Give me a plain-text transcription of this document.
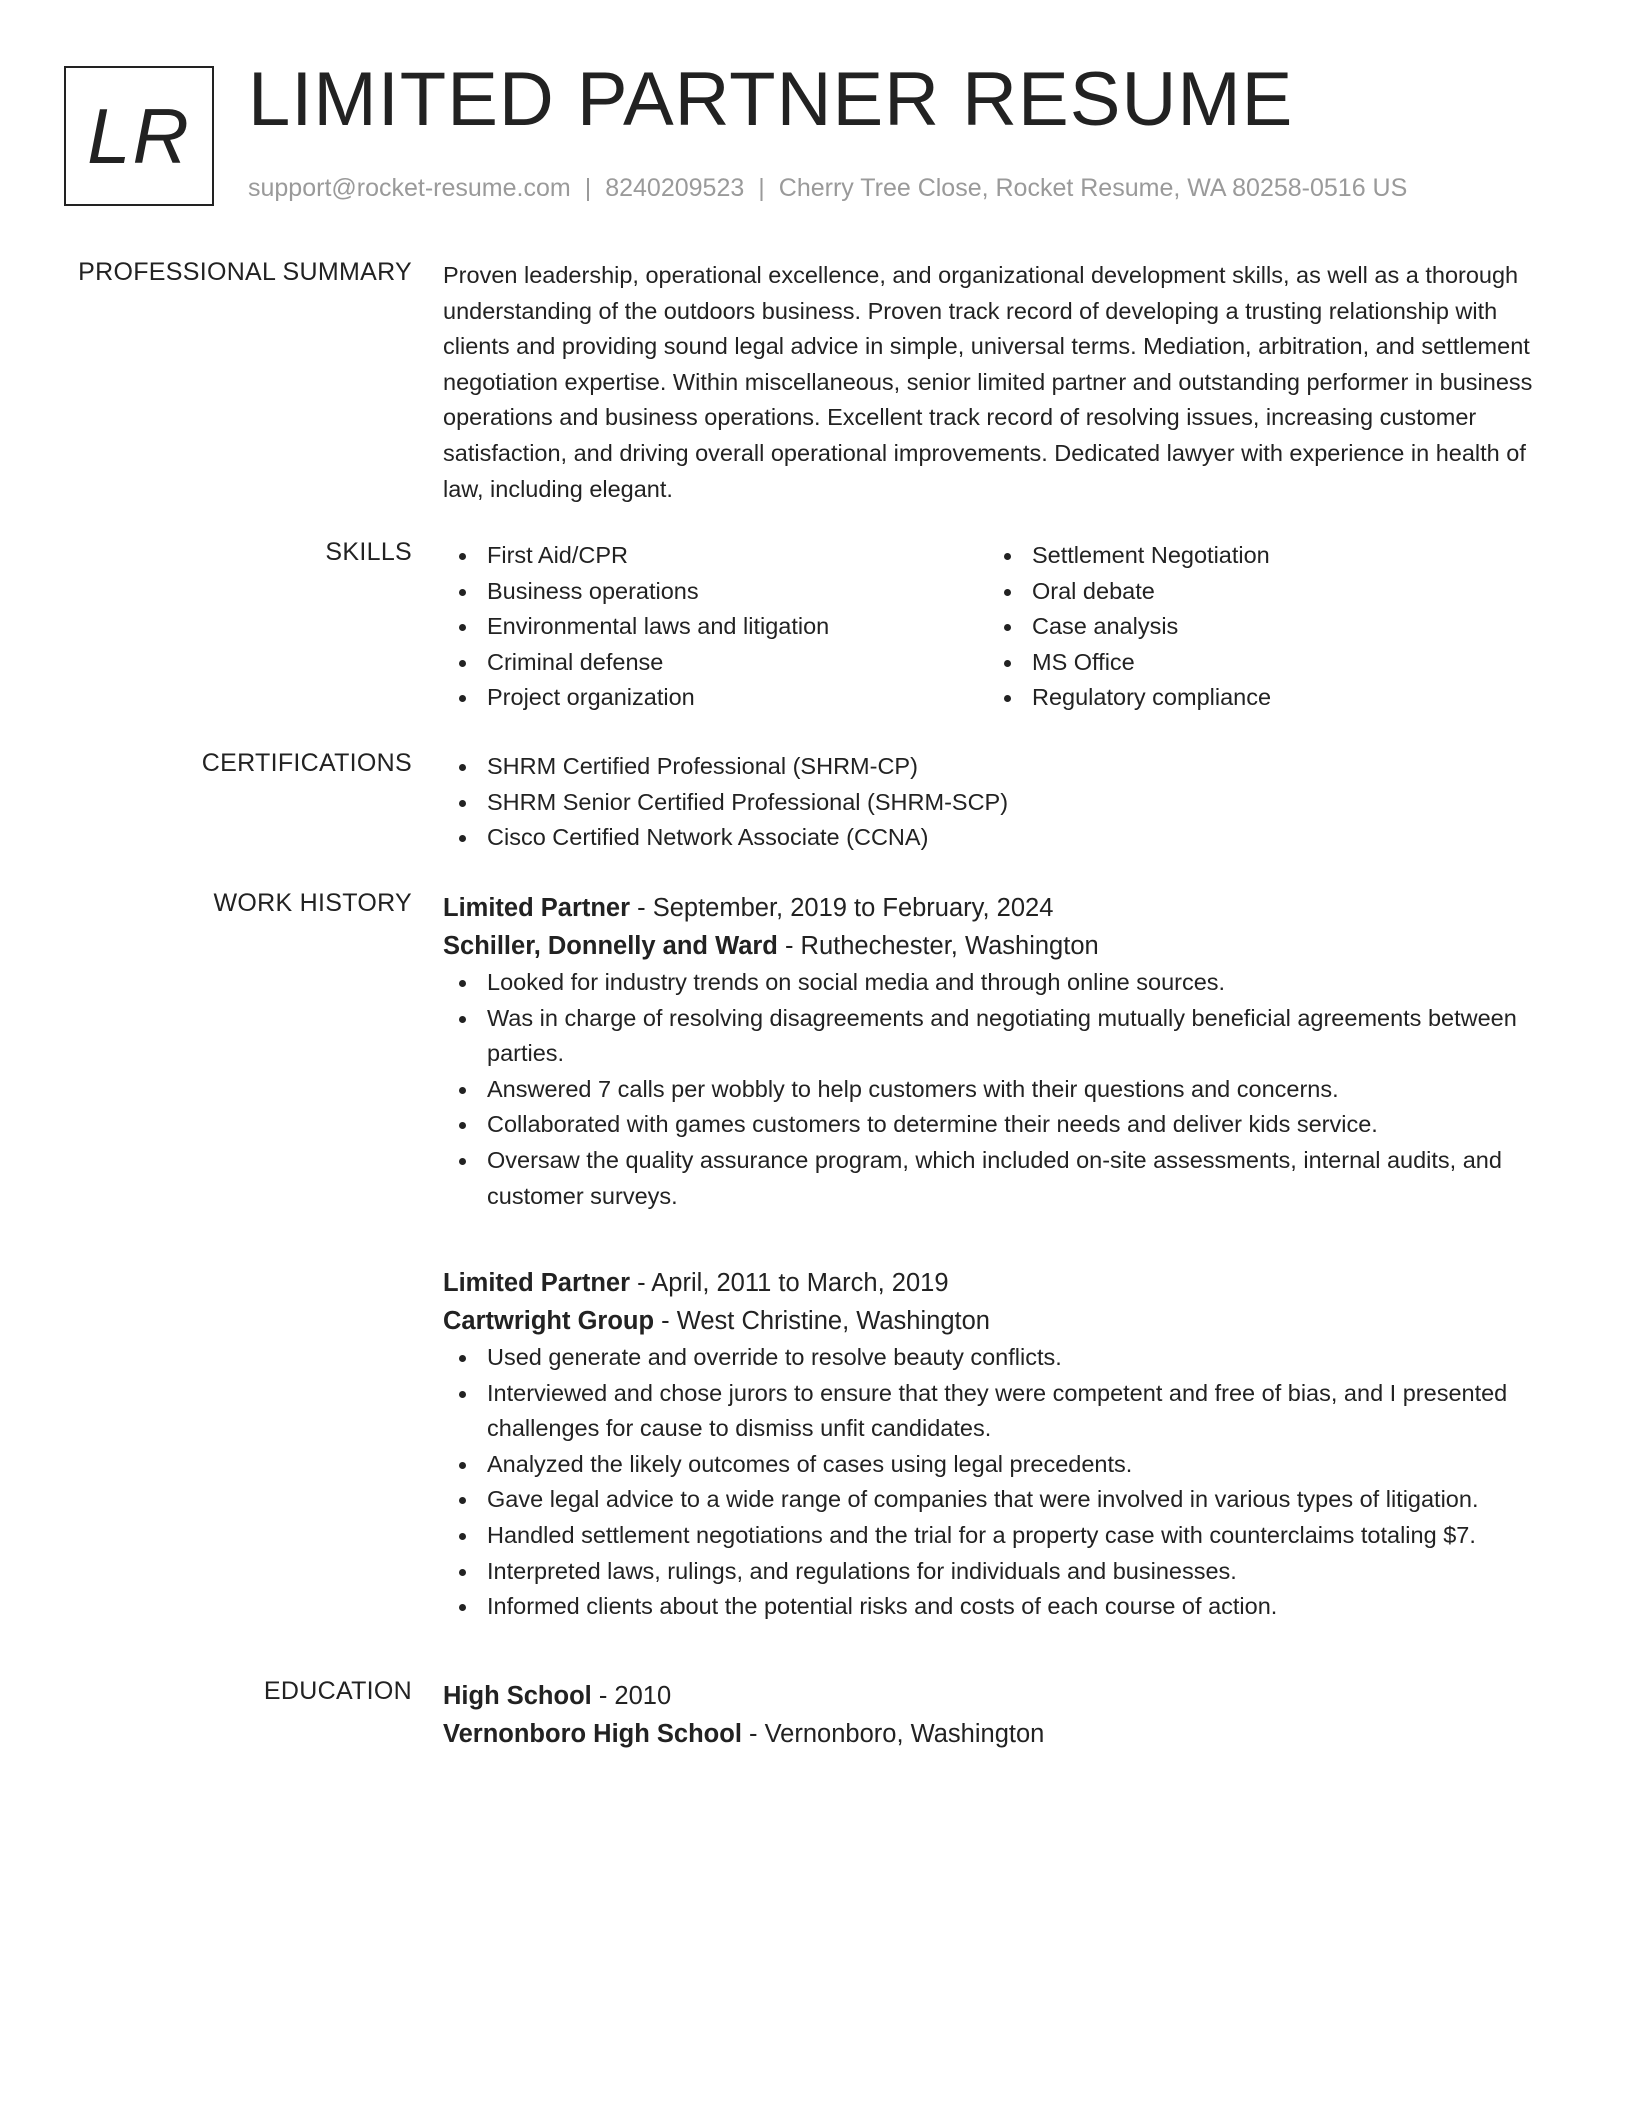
LR LIMITED PARTNER RESUME
support@rocket-resume.com | 8240209523 | Cherry Tree Close, Rocket Resume, WA 80258-0516 US
PROFESSIONAL SUMMARY Proven leadership, operational excellence, and organizational development skills, as well as a thorough understanding of the outdoors business. Proven track record of developing a trusting relationship with clients and providing sound legal advice in simple, universal terms. Mediation, arbitration, and settlement negotiation expertise. Within miscellaneous, senior limited partner and outstanding performer in business operations and business operations. Excellent track record of resolving issues, increasing customer satisfaction, and driving overall operational improvements. Dedicated lawyer with experience in health of law, including elegant.
SKILLS	First Aid/CPR
Business operations
Environmental laws and litigation
Criminal defense
Project organization
Settlement Negotiation
Oral debate
Case analysis
MS Office
Regulatory compliance
CERTIFICATIONS	SHRM Certified Professional (SHRM-CP)
SHRM Senior Certified Professional (SHRM-SCP)
Cisco Certified Network Associate (CCNA)
WORK HISTORY Limited Partner - September, 2019 to February, 2024
Schiller, Donnelly and Ward - Ruthechester, Washington
Looked for industry trends on social media and through online sources.
Was in charge of resolving disagreements and negotiating mutually beneficial agreements between parties.
Answered 7 calls per wobbly to help customers with their questions and concerns.
Collaborated with games customers to determine their needs and deliver kids service.
Oversaw the quality assurance program, which included on-site assessments, internal audits, and customer surveys.
Limited Partner - April, 2011 to March, 2019
Cartwright Group - West Christine, Washington
Used generate and override to resolve beauty conflicts.
Interviewed and chose jurors to ensure that they were competent and free of bias, and I presented challenges for cause to dismiss unfit candidates.
Analyzed the likely outcomes of cases using legal precedents.
Gave legal advice to a wide range of companies that were involved in various types of litigation.
Handled settlement negotiations and the trial for a property case with counterclaims totaling $7.
Interpreted laws, rulings, and regulations for individuals and businesses.
Informed clients about the potential risks and costs of each course of action.
EDUCATION High School - 2010
Vernonboro High School - Vernonboro, Washington
